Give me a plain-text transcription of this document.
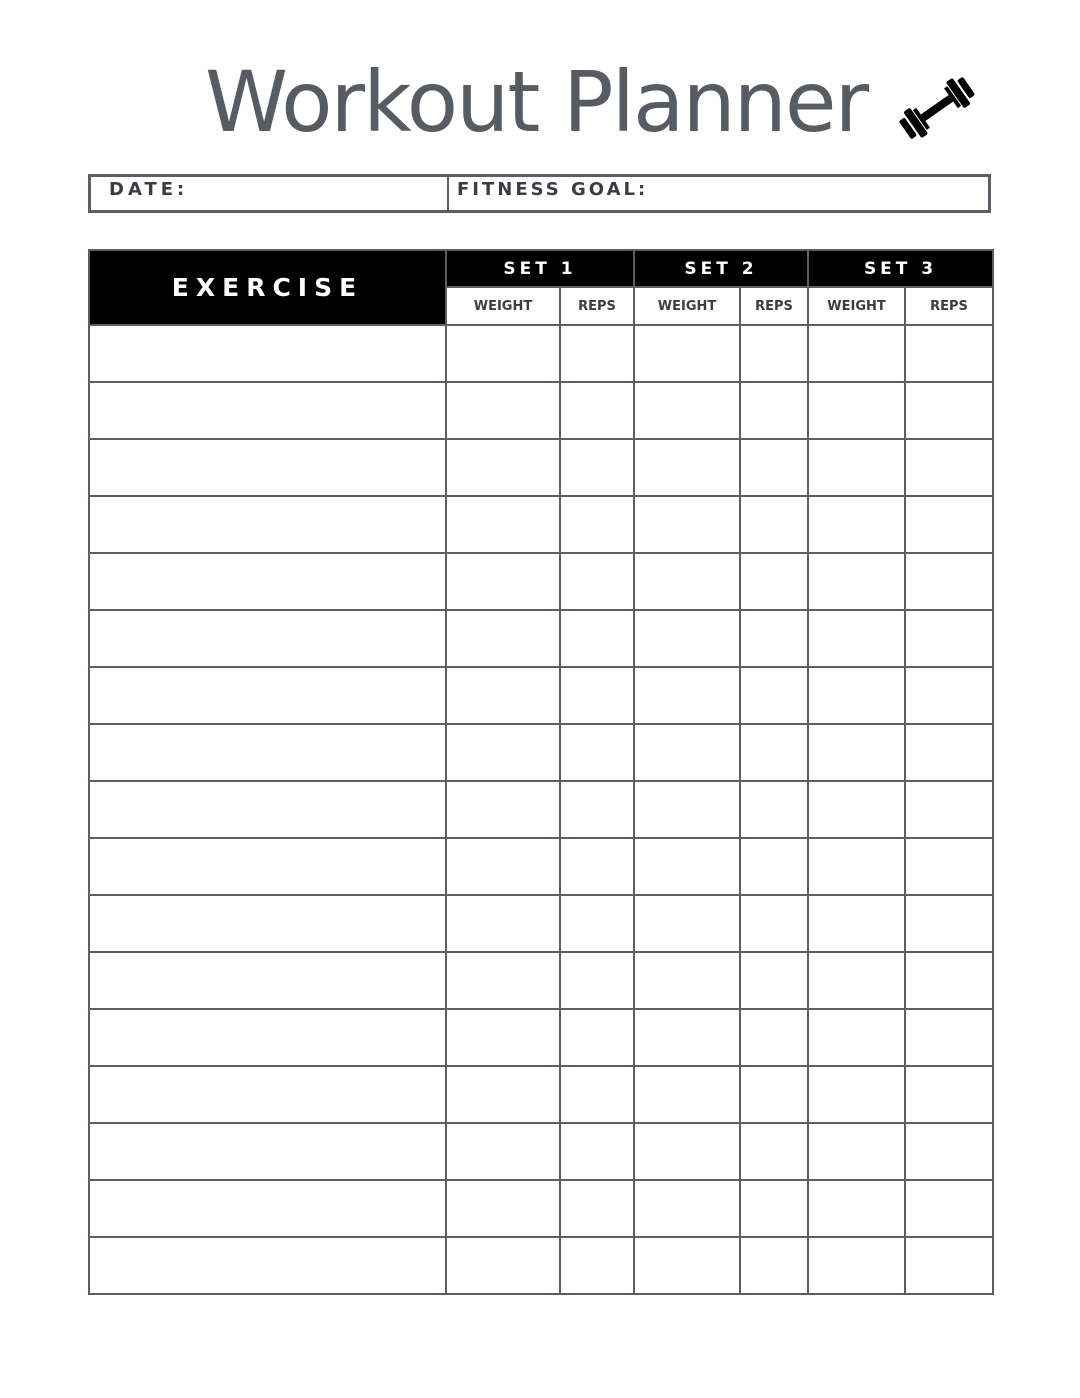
Workout Planner
DATE:	FITNESS GOAL:
EXERCISE	SET 1		SET 2		SET 3	
	WEIGHT	REPS	WEIGHT	REPS	WEIGHT	REPS
